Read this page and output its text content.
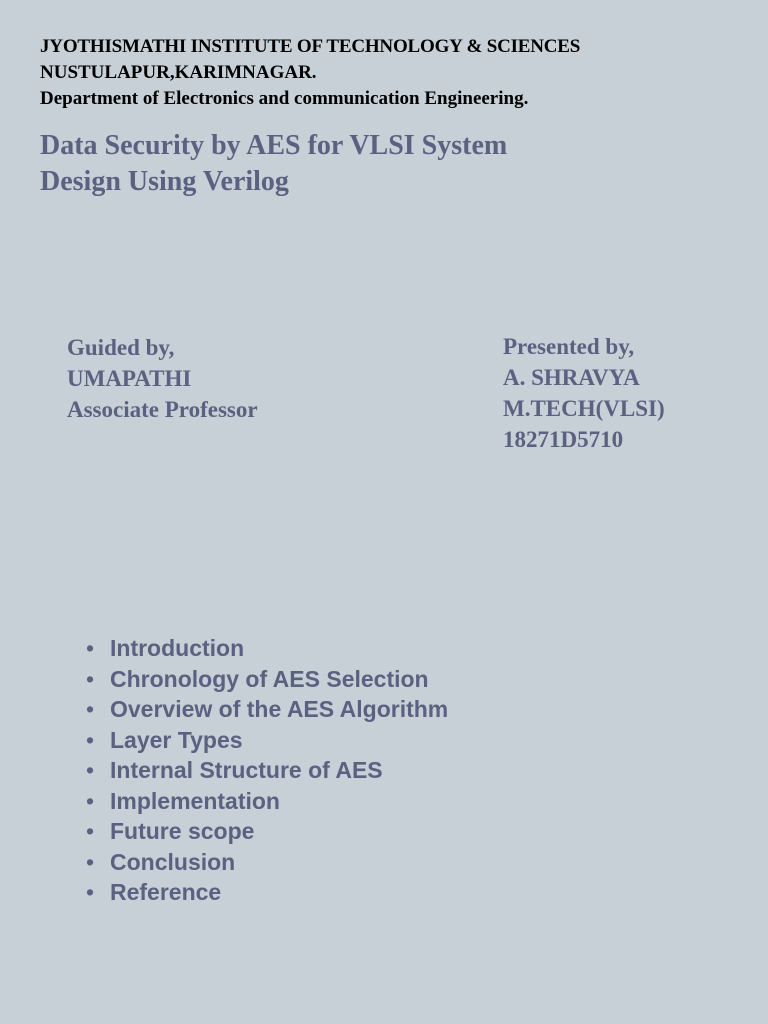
JYOTHISMATHI INSTITUTE OF TECHNOLOGY & SCIENCES
NUSTULAPUR,KARIMNAGAR.
Department of Electronics and communication Engineering.
Data Security by AES for VLSI System
Design Using Verilog
Guided by,
UMAPATHI
Associate Professor
Presented by,
A. SHRAVYA
M.TECH(VLSI)
18271D5710
• Introduction
• Chronology of AES Selection
• Overview of the AES Algorithm
• Layer Types
• Internal Structure of AES
• Implementation
• Future scope
• Conclusion
• Reference
